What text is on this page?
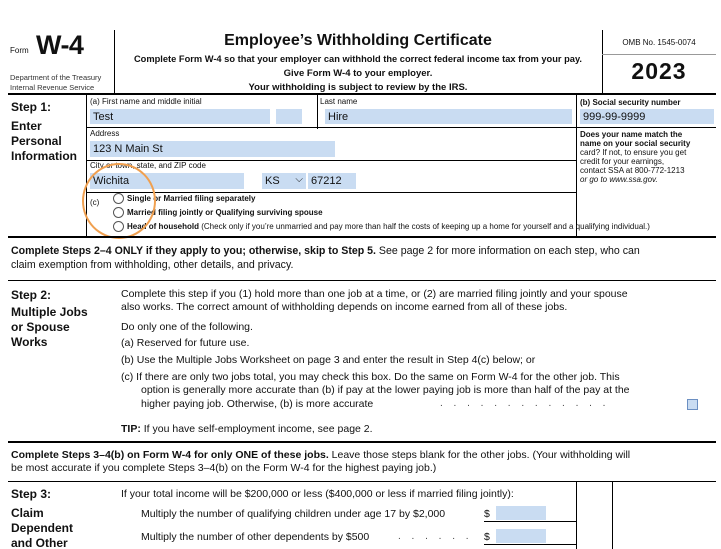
Form W-4
Department of the Treasury
Internal Revenue Service
Employee’s Withholding Certificate
Complete Form W-4 so that your employer can withhold the correct federal income tax from your pay.
Give Form W-4 to your employer.
Your withholding is subject to review by the IRS.
OMB No. 1545-0074
2023
Step 1:
Enter
Personal
Information
(a) First name and middle initial	Last name
Test	Hire
(b) Social security number
999-99-9999
Address
123 N Main St
City or town, state, and ZIP code
Wichita	KS ⌵ 67212
Does your name match the
name on your social security
card? If not, to ensure you get
credit for your earnings,
contact SSA at 800-772-1213
or go to www.ssa.gov.
(c)	Single or Married filing separately
Married filing jointly or Qualifying surviving spouse
Head of household (Check only if you’re unmarried and pay more than half the costs of keeping up a home for yourself and a qualifying individual.)
Complete Steps 2–4 ONLY if they apply to you; otherwise, skip to Step 5. See page 2 for more information on each step, who can
claim exemption from withholding, other details, and privacy.
Step 2:
Multiple Jobs
or Spouse
Works
Complete this step if you (1) hold more than one job at a time, or (2) are married filing jointly and your spouse
also works. The correct amount of withholding depends on income earned from all of these jobs.
Do only one of the following.
(a) Reserved for future use.
(b) Use the Multiple Jobs Worksheet on page 3 and enter the result in Step 4(c) below; or
(c) If there are only two jobs total, you may check this box. Do the same on Form W-4 for the other job. This
option is generally more accurate than (b) if pay at the lower paying job is more than half of the pay at the
higher paying job. Otherwise, (b) is more accurate	. . . . . . . . . . . . .
TIP: If you have self-employment income, see page 2.
Complete Steps 3–4(b) on Form W-4 for only ONE of these jobs. Leave those steps blank for the other jobs. (Your withholding will
be most accurate if you complete Steps 3–4(b) on the Form W-4 for the highest paying job.)
Step 3:
Claim
Dependent
and Other
If your total income will be $200,000 or less ($400,000 or less if married filing jointly):
Multiply the number of qualifying children under age 17 by $2,000	$
Multiply the number of other dependents by $500	. . . . . . $
